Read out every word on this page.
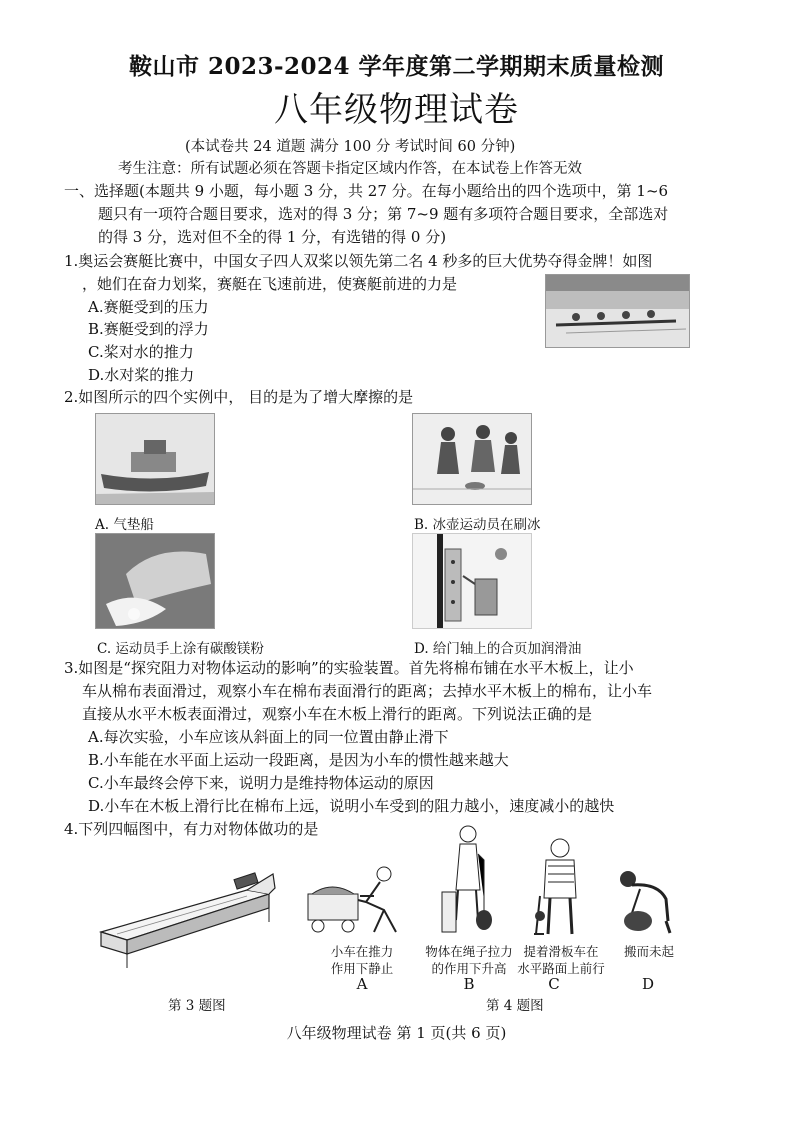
鞍山市 2023-2024 学年度第二学期期末质量检测
八年级物理试卷
(本试卷共 24 道题 满分 100 分 考试时间 60 分钟)
考生注意：所有试题必须在答题卡指定区域内作答，在本试卷上作答无效
一、选择题(本题共 9 小题，每小题 3 分，共 27 分。在每小题给出的四个选项中，第 1~6
题只有一项符合题目要求，选对的得 3 分；第 7~9 题有多项符合题目要求，全部选对
的得 3 分，选对但不全的得 1 分，有选错的得 0 分)
1.奥运会赛艇比赛中，中国女子四人双桨以领先第二名 4 秒多的巨大优势夺得金牌！如图
，她们在奋力划桨，赛艇在飞速前进，使赛艇前进的力是
A.赛艇受到的压力
B.赛艇受到的浮力
C.桨对水的推力
D.水对桨的推力
2.如图所示的四个实例中， 目的是为了增大摩擦的是
A. 气垫船	B. 冰壶运动员在刷冰
C. 运动员手上涂有碳酸镁粉	D. 给门轴上的合页加润滑油
3.如图是“探究阻力对物体运动的影响”的实验装置。首先将棉布铺在水平木板上，让小
车从棉布表面滑过，观察小车在棉布表面滑行的距离；去掉水平木板上的棉布，让小车
直接从水平木板表面滑过，观察小车在木板上滑行的距离。下列说法正确的是
A.每次实验，小车应该从斜面上的同一位置由静止滑下
B.小车能在水平面上运动一段距离，是因为小车的惯性越来越大
C.小车最终会停下来，说明力是维持物体运动的原因
D.小车在木板上滑行比在棉布上远，说明小车受到的阻力越小，速度减小的越快
4.下列四幅图中，有力对物体做功的是
第 3 题图
小车在推力
作用下静止
A
物体在绳子拉力
的作用下升高
B
提着滑板车在
水平路面上前行
C
搬而未起
D
第 4 题图
八年级物理试卷 第 1 页(共 6 页)
